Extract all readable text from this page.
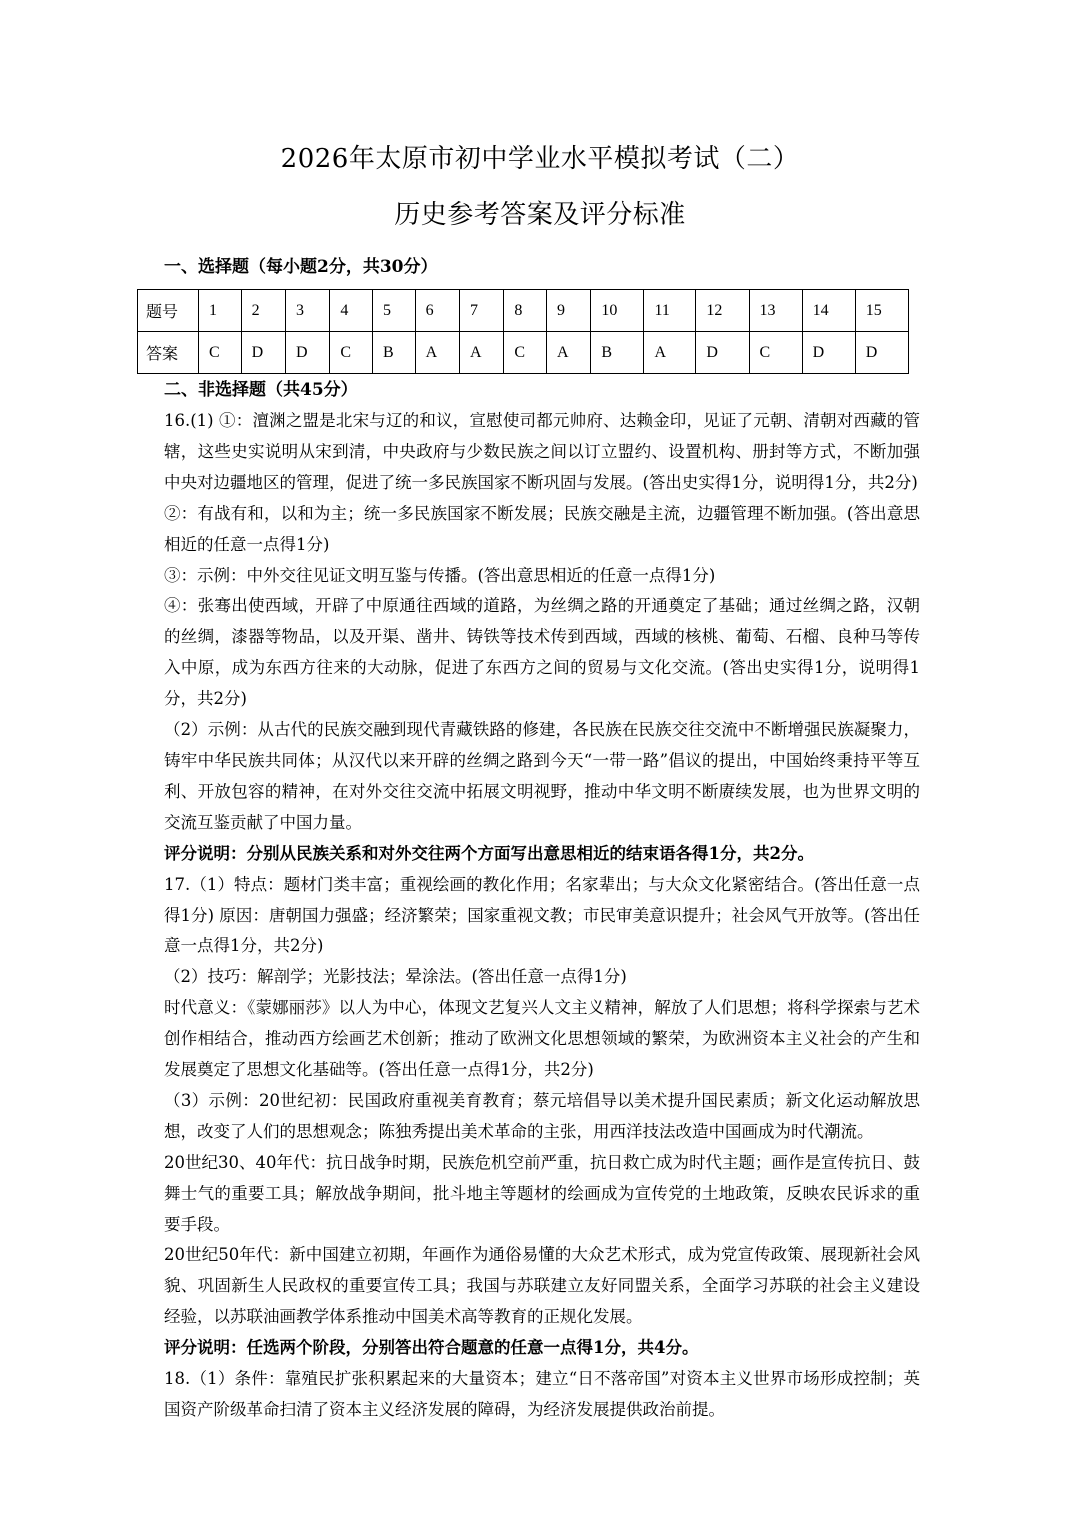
2026年太原市初中学业水平模拟考试（二）
历史参考答案及评分标准
一、选择题（每小题2分，共30分）
题号	1	2	3	4	5	6	7	8	9	10	11	12	13	14	15
答案	C	D	D	C	B	A	A	C	A	B	A	D	C	D	D
二、非选择题（共45分）

16.(1) ①：澶渊之盟是北宋与辽的和议，宣慰使司都元帅府、达赖金印，见证了元朝、清朝对西藏的管辖，这些史实说明从宋到清，中央政府与少数民族之间以订立盟约、设置机构、册封等方式，不断加强中央对边疆地区的管理，促进了统一多民族国家不断巩固与发展。(答出史实得1分，说明得1分，共2分)

②：有战有和，以和为主；统一多民族国家不断发展；民族交融是主流，边疆管理不断加强。(答出意思相近的任意一点得1分)

③：示例：中外交往见证文明互鉴与传播。(答出意思相近的任意一点得1分)

④：张骞出使西域，开辟了中原通往西域的道路，为丝绸之路的开通奠定了基础；通过丝绸之路，汉朝的丝绸，漆器等物品，以及开渠、凿井、铸铁等技术传到西域，西域的核桃、葡萄、石榴、良种马等传入中原，成为东西方往来的大动脉，促进了东西方之间的贸易与文化交流。(答出史实得1分，说明得1分，共2分)

（2）示例：从古代的民族交融到现代青藏铁路的修建，各民族在民族交往交流中不断增强民族凝聚力，铸牢中华民族共同体；从汉代以来开辟的丝绸之路到今天“一带一路”倡议的提出，中国始终秉持平等互利、开放包容的精神，在对外交往交流中拓展文明视野，推动中华文明不断赓续发展，也为世界文明的交流互鉴贡献了中国力量。

评分说明：分别从民族关系和对外交往两个方面写出意思相近的结束语各得1分，共2分。

17.（1）特点：题材门类丰富；重视绘画的教化作用；名家辈出；与大众文化紧密结合。(答出任意一点得1分) 原因：唐朝国力强盛；经济繁荣；国家重视文教；市民审美意识提升；社会风气开放等。(答出任意一点得1分，共2分)

（2）技巧：解剖学；光影技法；晕涂法。(答出任意一点得1分)

时代意义：《蒙娜丽莎》以人为中心，体现文艺复兴人文主义精神，解放了人们思想；将科学探索与艺术创作相结合，推动西方绘画艺术创新；推动了欧洲文化思想领域的繁荣，为欧洲资本主义社会的产生和发展奠定了思想文化基础等。(答出任意一点得1分，共2分)

（3）示例：20世纪初：民国政府重视美育教育；蔡元培倡导以美术提升国民素质；新文化运动解放思想，改变了人们的思想观念；陈独秀提出美术革命的主张，用西洋技法改造中国画成为时代潮流。

20世纪30、40年代：抗日战争时期，民族危机空前严重，抗日救亡成为时代主题；画作是宣传抗日、鼓舞士气的重要工具；解放战争期间，批斗地主等题材的绘画成为宣传党的土地政策，反映农民诉求的重要手段。

20世纪50年代：新中国建立初期，年画作为通俗易懂的大众艺术形式，成为党宣传政策、展现新社会风貌、巩固新生人民政权的重要宣传工具；我国与苏联建立友好同盟关系，全面学习苏联的社会主义建设经验，以苏联油画教学体系推动中国美术高等教育的正规化发展。

评分说明：任选两个阶段，分别答出符合题意的任意一点得1分，共4分。

18.（1）条件：靠殖民扩张积累起来的大量资本；建立“日不落帝国”对资本主义世界市场形成控制；英国资产阶级革命扫清了资本主义经济发展的障碍，为经济发展提供政治前提。
